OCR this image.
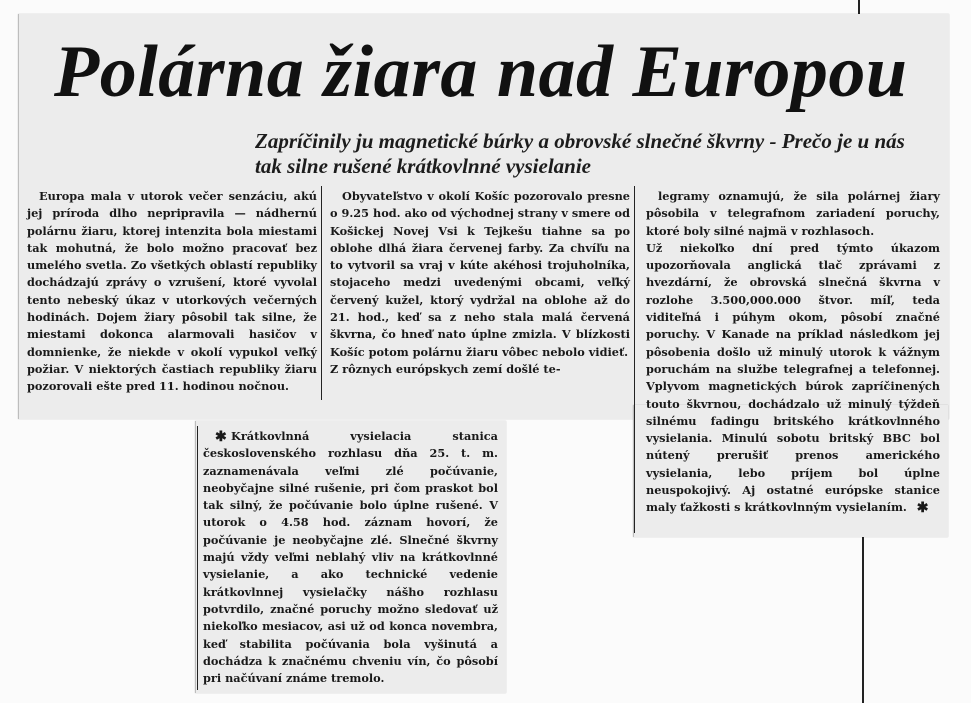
Polárna žiara nad Europou

Zapríčinily ju magnetické búrky a obrovské slnečné škvrny - Prečo je u nás tak silne rušené krátkovlnné vysielanie

Europa mala v utorok večer senzáciu, akú jej príroda dlho nepripravila — nádhernú polárnu žiaru, ktorej intenzita bola miestami tak mohutná, že bolo možno pracovať bez umelého svetla. Zo všetkých oblastí republiky dochádzajú zprávy o vzrušení, ktoré vyvolal tento nebeský úkaz v utorkových večerných hodinách. Dojem žiary pôsobil tak silne, že miestami dokonca alarmovali hasičov v domnienke, že niekde v okolí vypukol veľký požiar. V niektorých častiach republiky žiaru pozorovali ešte pred 11. hodinou nočnou.

Obyvateľstvo v okolí Košíc pozorovalo presne o 9.25 hod. ako od východnej strany v smere od Košickej Novej Vsi k Tejkešu tiahne sa po oblohe dlhá žiara červenej farby. Za chvíľu na to vytvoril sa vraj v kúte akéhosi trojuholníka, stojaceho medzi uvedenými obcami, veľký červený kužel, ktorý vydržal na oblohe až do 21. hod., keď sa z neho stala malá červená škvrna, čo hneď nato úplne zmizla. V blízkosti Košíc potom polárnu žiaru vôbec nebolo vidieť.
Z rôznych európskych zemí došlé te-
legramy oznamujú, že sila polárnej žiary pôsobila v telegrafnom zariadení poruchy, ktoré boly silné najmä v rozhlasoch.
Už niekoľko dní pred týmto úkazom upozorňovala anglická tlač zprávami z hvezdární, že obrovská slnečná škvrna v rozlohe 3.500,000.000 štvor. míľ, teda viditeľná i púhym okom, pôsobí značné poruchy. V Kanade na príklad následkom jej pôsobenia došlo už minulý utorok k vážnym poruchám na službe telegrafnej a telefonnej. Vplyvom magnetických búrok zapríčinených touto škvrnou, dochádzalo už minulý týždeň silnému fadingu britského krátkovlnného vysielania. Minulú sobotu britský BBC bol nútený prerušiť prenos amerického vysielania, lebo príjem bol úplne neuspokojivý. Aj ostatné európske stanice maly ťažkosti s krátkovlnným vysielaním. ✱
✱ Krátkovlnná vysielacia stanica československého rozhlasu dňa 25. t. m. zaznamenávala veľmi zlé počúvanie, neobyčajne silné rušenie, pri čom praskot bol tak silný, že počúvanie bolo úplne rušené. V utorok o 4.58 hod. záznam hovorí, že počúvanie je neobyčajne zlé. Slnečné škvrny majú vždy veľmi neblahý vliv na krátkovlnné vysielanie, a ako technické vedenie krátkovlnnej vysielačky nášho rozhlasu potvrdilo, značné poruchy možno sledovať už niekoľko mesiacov, asi už od konca novembra, keď stabilita počúvania bola vyšinutá a dochádza k značnému chveniu vín, čo pôsobí pri načúvaní známe tremolo.
